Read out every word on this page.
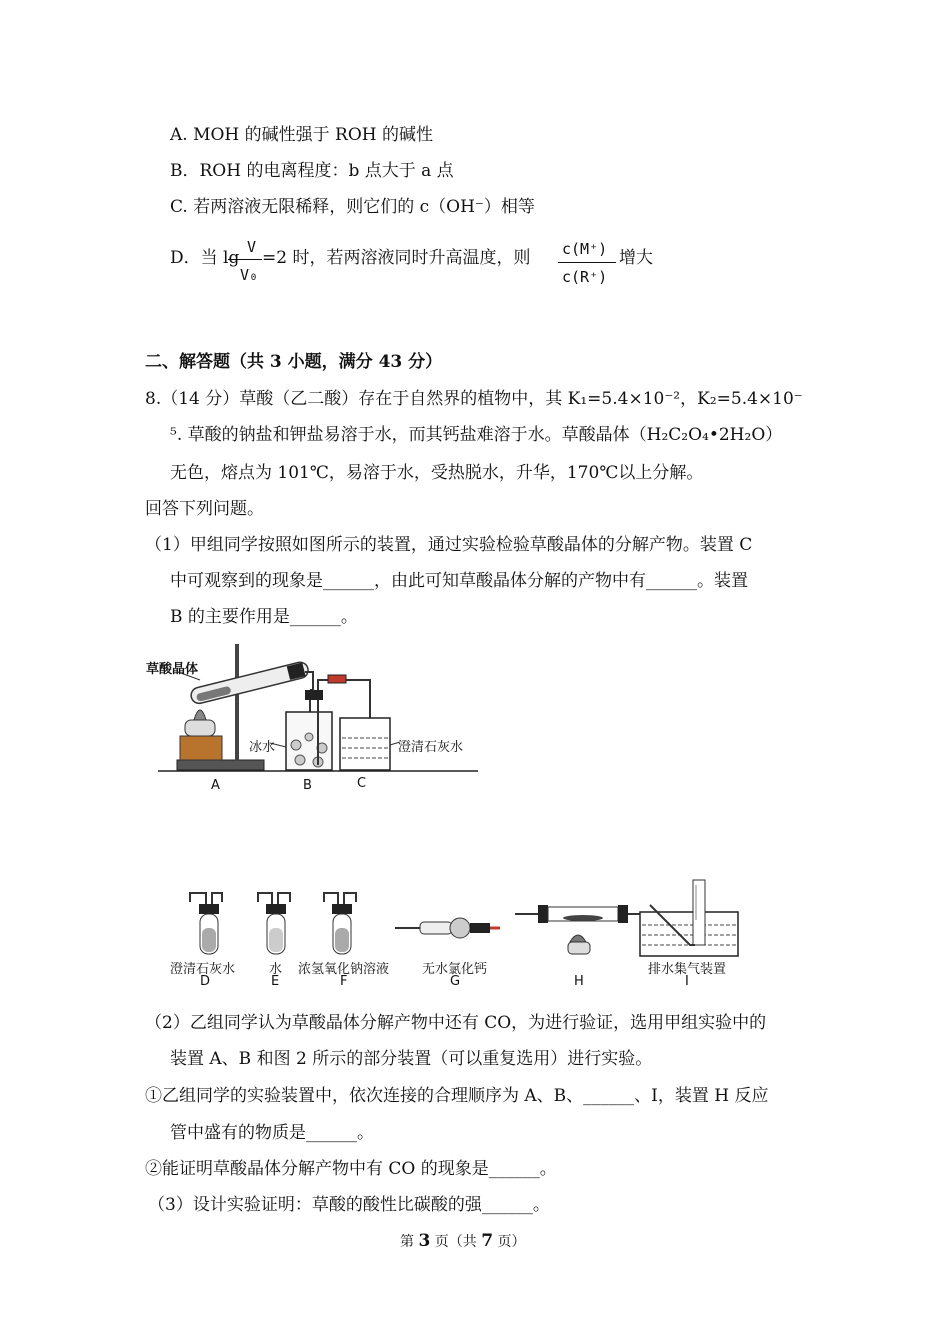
A. MOH 的碱性强于 ROH 的碱性
B．ROH 的电离程度：b 点大于 a 点
C. 若两溶液无限稀释，则它们的 c（OH⁻）相等
D．当 lg
V
V₀
=2 时，若两溶液同时升高温度，则 c(M⁺)
c(R⁺)
增大
二、解答题（共 3 小题，满分 43 分）
8.（14 分）草酸（乙二酸）存在于自然界的植物中，其 K₁=5.4×10⁻²，K₂=5.4×10⁻
⁵. 草酸的钠盐和钾盐易溶于水，而其钙盐难溶于水。草酸晶体（H₂C₂O₄•2H₂O）
无色，熔点为 101℃，易溶于水，受热脱水，升华，170℃以上分解。
回答下列问题。
（1）甲组同学按照如图所示的装置，通过实验检验草酸晶体的分解产物。装置 C
中可观察到的现象是______，由此可知草酸晶体分解的产物中有______。装置
B 的主要作用是______。
草酸晶体
冰水	澄清石灰水
A	B	C
澄清石灰水
D
水
E
浓氢氧化钠溶液
F
无水氯化钙
G	H
排水集气装置
I
（2）乙组同学认为草酸晶体分解产物中还有 CO，为进行验证，选用甲组实验中的
装置 A、B 和图 2 所示的部分装置（可以重复选用）进行实验。
①乙组同学的实验装置中，依次连接的合理顺序为 A、B、______、I，装置 H 反应
管中盛有的物质是______。
②能证明草酸晶体分解产物中有 CO 的现象是______。
（3）设计实验证明：草酸的酸性比碳酸的强______。
第 3 页（共 7 页）
